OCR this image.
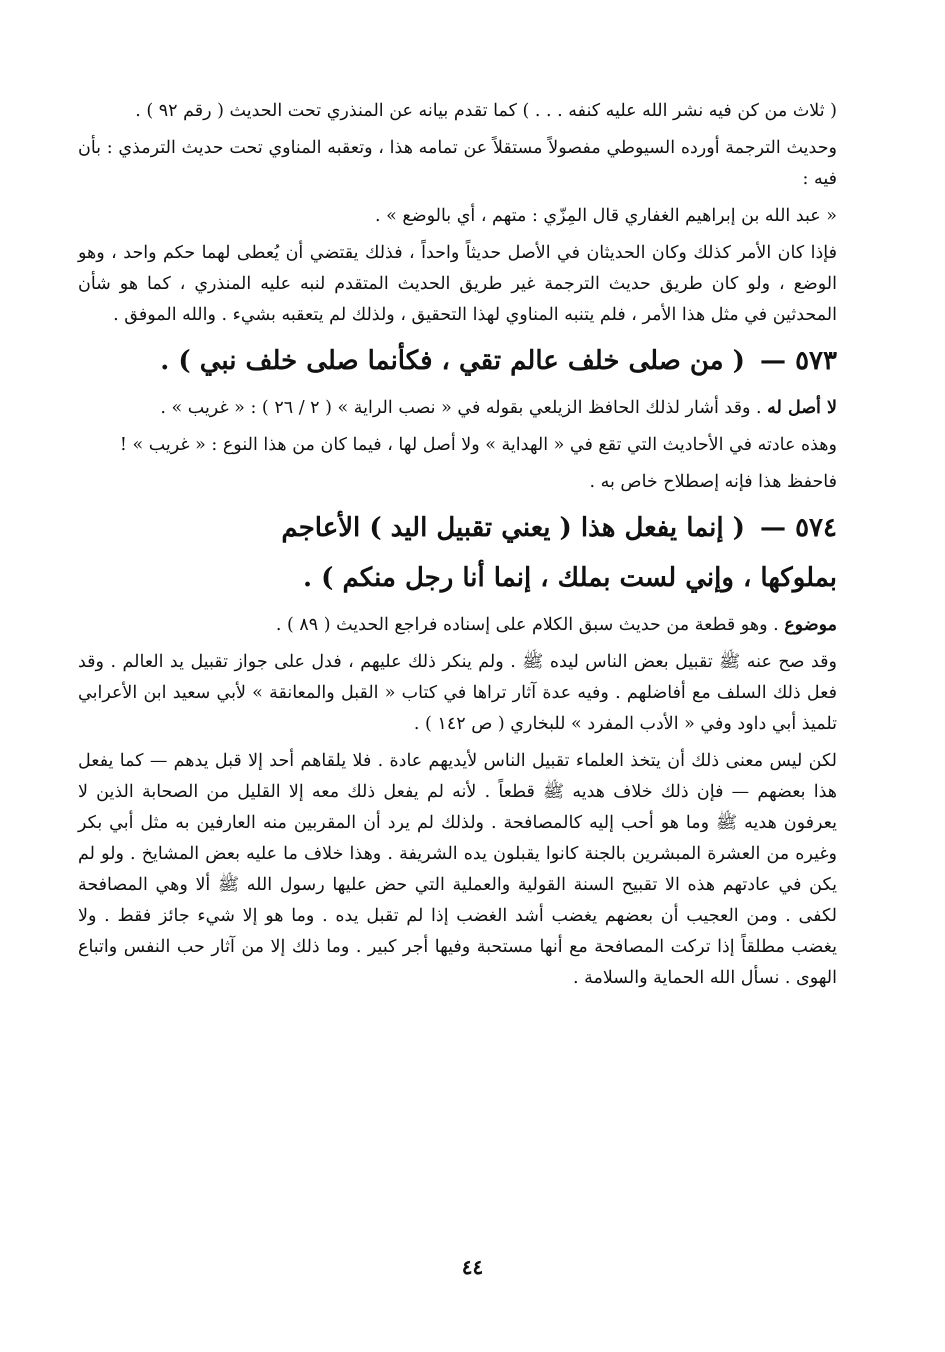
( ثلاث من كن فيه نشر الله عليه كنفه . . . ) كما تقدم بيانه عن المنذري تحت الحديث ( رقم ٩٢ ) .

وحديث الترجمة أورده السيوطي مفصولاً مستقلاً عن تمامه هذا ، وتعقبه المناوي تحت حديث الترمذي : بأن فيه :

« عبد الله بن إبراهيم الغفاري قال المِزّي : متهم ، أي بالوضع » .

فإذا كان الأمر كذلك وكان الحديثان في الأصل حديثاً واحداً ، فذلك يقتضي أن يُعطى لهما حكم واحد ، وهو الوضع ، ولو كان طريق حديث الترجمة غير طريق الحديث المتقدم لنبه عليه المنذري ، كما هو شأن المحدثين في مثل هذا الأمر ، فلم يتنبه المناوي لهذا التحقيق ، ولذلك لم يتعقبه بشيء . والله الموفق .

٥٧٣ — ( من صلى خلف عالم تقي ، فكأنما صلى خلف نبي ) .

لا أصل له . وقد أشار لذلك الحافظ الزيلعي بقوله في « نصب الراية » ( ٢ / ٢٦ ) : « غريب » .

وهذه عادته في الأحاديث التي تقع في « الهداية » ولا أصل لها ، فيما كان من هذا النوع : « غريب » !

فاحفظ هذا فإنه إصطلاح خاص به .

٥٧٤ — ( إنما يفعل هذا ( يعني تقبيل اليد ) الأعاجم
بملوكها ، وإني لست بملك ، إنما أنا رجل منكم ) .

موضوع . وهو قطعة من حديث سبق الكلام على إسناده فراجع الحديث ( ٨٩ ) .

وقد صح عنه ﷺ تقبيل بعض الناس ليده ﷺ . ولم ينكر ذلك عليهم ، فدل على جواز تقبيل يد العالم . وقد فعل ذلك السلف مع أفاضلهم . وفيه عدة آثار تراها في كتاب « القبل والمعانقة » لأبي سعيد ابن الأعرابي تلميذ أبي داود وفي « الأدب المفرد » للبخاري ( ص ١٤٢ ) .

لكن ليس معنى ذلك أن يتخذ العلماء تقبيل الناس لأيديهم عادة . فلا يلقاهم أحد إلا قبل يدهم — كما يفعل هذا بعضهم — فإن ذلك خلاف هديه ﷺ قطعاً . لأنه لم يفعل ذلك معه إلا القليل من الصحابة الذين لا يعرفون هديه ﷺ وما هو أحب إليه كالمصافحة . ولذلك لم يرد أن المقربين منه العارفين به مثل أبي بكر وغيره من العشرة المبشرين بالجنة كانوا يقبلون يده الشريفة . وهذا خلاف ما عليه بعض المشايخ . ولو لم يكن في عادتهم هذه الا تقبيح السنة القولية والعملية التي حض عليها رسول الله ﷺ ألا وهي المصافحة لكفى . ومن العجيب أن بعضهم يغضب أشد الغضب إذا لم تقبل يده . وما هو إلا شيء جائز فقط . ولا يغضب مطلقاً إذا تركت المصافحة مع أنها مستحبة وفيها أجر كبير . وما ذلك إلا من آثار حب النفس واتباع الهوى . نسأل الله الحماية والسلامة .

٤٤
